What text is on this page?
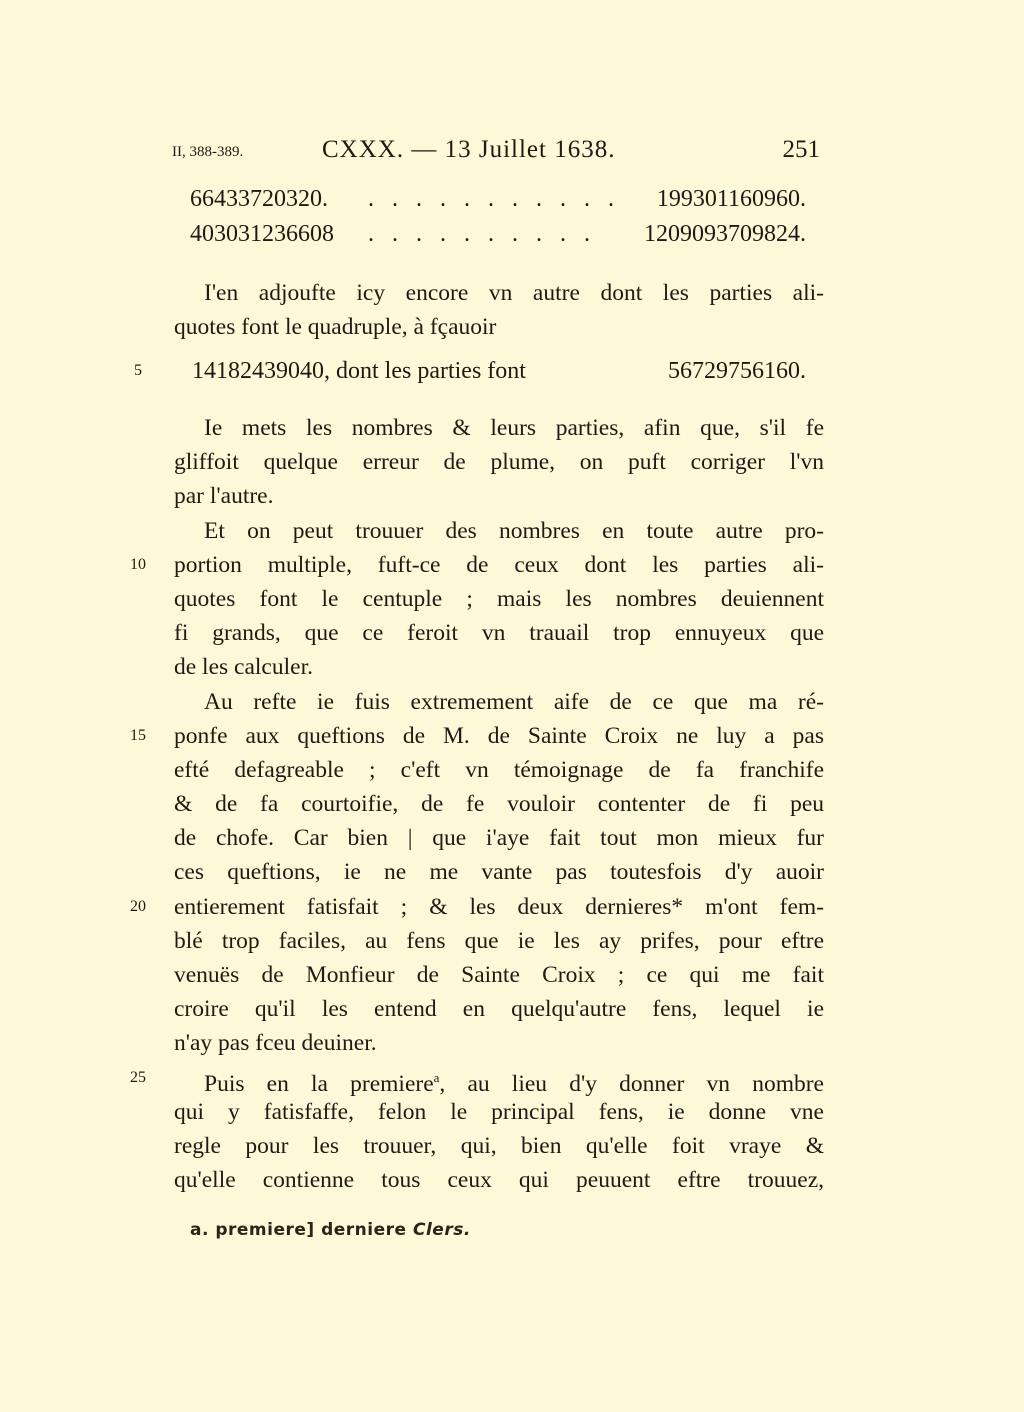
II, 388-389.	CXXX. — 13 Juillet 1638.	251
66433720320. . . . . . . . . . . . 199301160960.
403031236608 . . . . . . . . . . 1209093709824.
I'en adjoufte icy encore vn autre dont les parties ali-
quotes font le quadruple, à fçauoir
5	14182439040, dont les parties font	56729756160.
Ie mets les nombres & leurs parties, afin que, s'il fe
gliffoit quelque erreur de plume, on puft corriger l'vn
par l'autre.
Et on peut trouuer des nombres en toute autre pro-
10 portion multiple, fuft-ce de ceux dont les parties ali-
quotes font le centuple ; mais les nombres deuiennent
fi grands, que ce feroit vn trauail trop ennuyeux que
de les calculer.
Au refte ie fuis extremement aife de ce que ma ré-
15 ponfe aux queftions de M. de Sainte Croix ne luy a pas
efté defagreable ; c'eft vn témoignage de fa franchife
& de fa courtoifie, de fe vouloir contenter de fi peu
de chofe. Car bien | que i'aye fait tout mon mieux fur
ces queftions, ie ne me vante pas toutesfois d'y auoir
20 entierement fatisfait ; & les deux dernieres* m'ont fem-
blé trop faciles, au fens que ie les ay prifes, pour eftre
venuës de Monfieur de Sainte Croix ; ce qui me fait
croire qu'il les entend en quelqu'autre fens, lequel ie
n'ay pas fceu deuiner.
25	Puis en la premiere$^a$, au lieu d'y donner vn nombre
qui y fatisfaffe, felon le principal fens, ie donne vne
regle pour les trouuer, qui, bien qu'elle foit vraye &
qu'elle contienne tous ceux qui peuuent eftre trouuez,
a. premiere] derniere Clers.
